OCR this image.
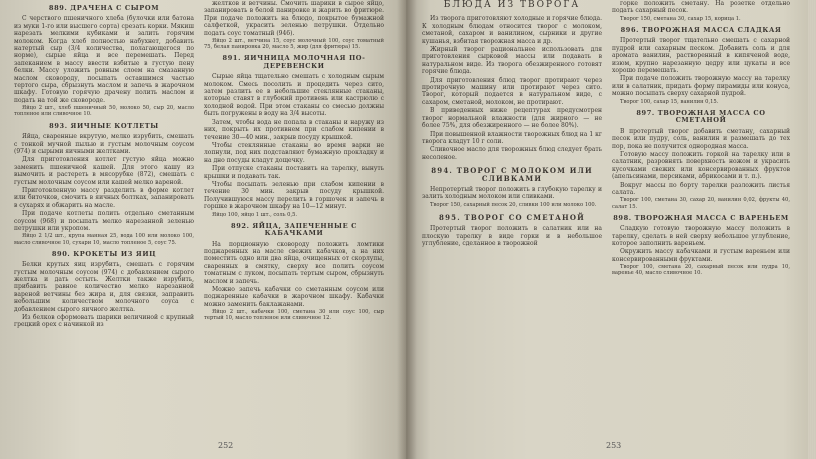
889. ДРАЧЕНА С СЫРОМ

С черствого пшеничного хлеба (булочки или батона из муки 1-го или высшего сорта) срезать корки. Мякиш нарезать мелкими кубиками и залить горячим молоком. Когда хлеб полностью набухнет, добавить натертый сыр (3/4 количества, полагающегося по норме), сырые яйца и все перемешать. Перед запеканием в массу ввести взбитые в густую пену белки. Массу уложить ровным слоем на смазанную маслом сковороду, посыпать оставшимся частью тертого сыра, сбрызнуть маслом и запечь в жарочном шкафу. Готовую горячую драчену полить маслом и подать на той же сковороде.

Яйцо 2 шт., хлеб пшеничный 50, молоко 50, сыр 20, масло топленое или сливочное 10.

893. ЯИЧНЫЕ КОТЛЕТЫ

Яйца, сваренные вкрутую, мелко изрубить, смешать с тонкой мучной пылью и густым молочным соусом (974) и сырыми яичными желтками.

Для приготовления котлет густую яйца можно заменить пшеничной кашей. Для этого кашу из вымочить и растереть в мясорубке (872), смешать с густым молочным соусом или кашей мелко вареной.

Приготовленную массу разделить в форме котлет или биточков, смочить в яичных болтках, запанировать в сухарях и обжарить на масле.

При подаче котлеты полить отдельно сметанным соусом (968) и посыпать мелко нарезанной зеленью петрушки или укропом.

Яйцо 2 1/2 шт., крупа манная 25, вода 100 или молоко 100, масло сливочное 10, сухари 10, масло топленое 5, соус 75.

890. КРОКЕТЫ ИЗ ЯИЦ

Белки крутых яиц изрубить, смешать с горячим густым молочным соусом (974) с добавлением сырого желтка и дать остыть. Желтки также изрубить, прибавить равное количество мелко нарезанной вареной ветчины без жира и, для связки, заправить небольшим количеством молочного соуса с добавлением сырого яичного желтка.

Из белков сформовать шарики величиной с крупный грецкий орех с начинкой из

желтков и ветчины. Смочить шарики в сырое яйцо, запанировать в белой панировке и жарить во фритюре. При подаче положить на блюдо, покрытое бумажной салфеткой, украсить зеленью петрушки. Отдельно подать соус томатный (946).

Яйцо 2 шт., ветчина 15, соус молочный 100, соус томатный 75, белая панировка 20, масло 5, жир (для фритюра) 15.

891. ЯИЧНИЦА МОЛОЧНАЯ ПО-ДЕРЕВЕНСКИ

Сырые яйца тщательно смешать с холодным сырым молоком. Смесь посолить и процедить через сито, затем разлить ее в небольшие стеклянные стаканы, которые ставят в глубокий противень или кастрюлю с холодной водой. При этом стаканы со смесью должны быть погружены в воду на 3/4 высоты.

Затем, чтобы вода не попала в стаканы и наружу из них, покрыть их противнем при слабом кипении в течение 30—40 мин., закрыв посуду крышкой.

Чтобы стеклянные стаканы во время варки не лопнули, под них подставляют бумажную прокладку и на дно посуды кладут дощечку.

При отпуске стаканы поставить на тарелку, вынуть крышки и подавать так.

Чтобы посыпать зеленью при слабом кипении в течение 30 мин. закрыв посуду крышкой. Получившуюся массу перелить в горшочек и запечь в горшке в жарочном шкафу на 10—12 минут.

Яйцо 100, яйцо 1 шт., соль 0,5.

892. ЯЙЦА, ЗАПЕЧЕННЫЕ С КАБАЧКАМИ

На порционную сковороду положить ломтики поджаренных на масле свежих кабачков, а на них поместить одно или два яйца, очищенных от скорлупы, сваренных в смятку, сверху все полить соусом томатным с луком, посыпать тертым сыром, сбрызнуть маслом и запечь.

Можно запечь кабачки со сметанным соусом или поджаренные кабачки в жарочном шкафу. Кабачки можно заменить баклажанами.

Яйцо 2 шт., кабачки 100, сметана 30 или соус 100, сыр тертый 10, масло топленое или сливочное 12.

252
БЛЮДА ИЗ ТВОРОГА

Из творога приготовляют холодные и горячие блюда. К холодным блюдам относится творог с молоком, сметаной, сахаром и ванилином, сырники и другие кушанья, взбитая творожная масса и др.

Жирный творог рациональнее использовать для приготовления сырковой массы или подавать в натуральном виде. Из творога обезжиренного готовят горячие блюда.

Для приготовления блюд творог протирают через протирочную машину или протирают через сито. Творог, который подается в натуральном виде, с сахаром, сметаной, молоком, не протирают.

В приведенных ниже рецептурах предусмотрен творог нормальной влажности (для жирного — не более 75%, для обезжиренного — не более 80%).

При повышенной влажности творожных блюд на 1 кг творога кладут 10 г соли.

Сливочное масло для творожных блюд следует брать несоленое.

894. ТВОРОГ С МОЛОКОМ ИЛИ СЛИВКАМИ

Непротертый творог положить в глубокую тарелку и залить холодным молоком или сливками.

Творог 150, сахарный песок 20, сливки 100 или молоко 100.

895. ТВОРОГ СО СМЕТАНОЙ

Протертый творог положить в салатник или на плоскую тарелку в виде горки и в небольшое углубление, сделанное в творожной

горке положить сметану. На розетке отдельно подать сахарный песок.

Творог 150, сметана 30, сахар 15, корица 1.

896. ТВОРОЖНАЯ МАССА СЛАДКАЯ

Протертый творог тщательно смешать с сахарной пудрой или сахарным песком. Добавить соль и для аромата ванилин, растворенный в кипяченой воде, изюм, крупно нарезанную цедру или цукаты и все хорошо перемешать.

При подаче положить творожную массу на тарелку или в салатник, придать форму пирамиды или конуса, можно посыпать сверху сахарной пудрой.

Творог 100, сахар 15, ванилин 0,15.

897. ТВОРОЖНАЯ МАССА СО СМЕТАНОЙ

В протертый творог добавить сметану, сахарный песок или пудру, соль, ванилин и размешать до тех пор, пока не получится однородная масса.

Готовую массу положить горкой на тарелку или в салатник, разровнять поверхность ножом и украсить кусочками свежих или консервированных фруктов (апельсинами, персиками, абрикосами и т. п.).

Вокруг массы по борту тарелки разложить листья салата.

Творог 100, сметана 30, сахар 20, ванилин 0,02, фрукты 40, салат 15.

898. ТВОРОЖНАЯ МАССА С ВАРЕНЬЕМ

Сладкую готовую творожную массу положить в тарелку, сделать в ней сверху небольшое углубление, которое заполнить вареньем.

Окружить массу кабачками и густым вареньем или консервированными фруктами.

Творог 100, сметана 20, сахарный песок или пудра 10, варенье 40, масло сливочное 10.

253
